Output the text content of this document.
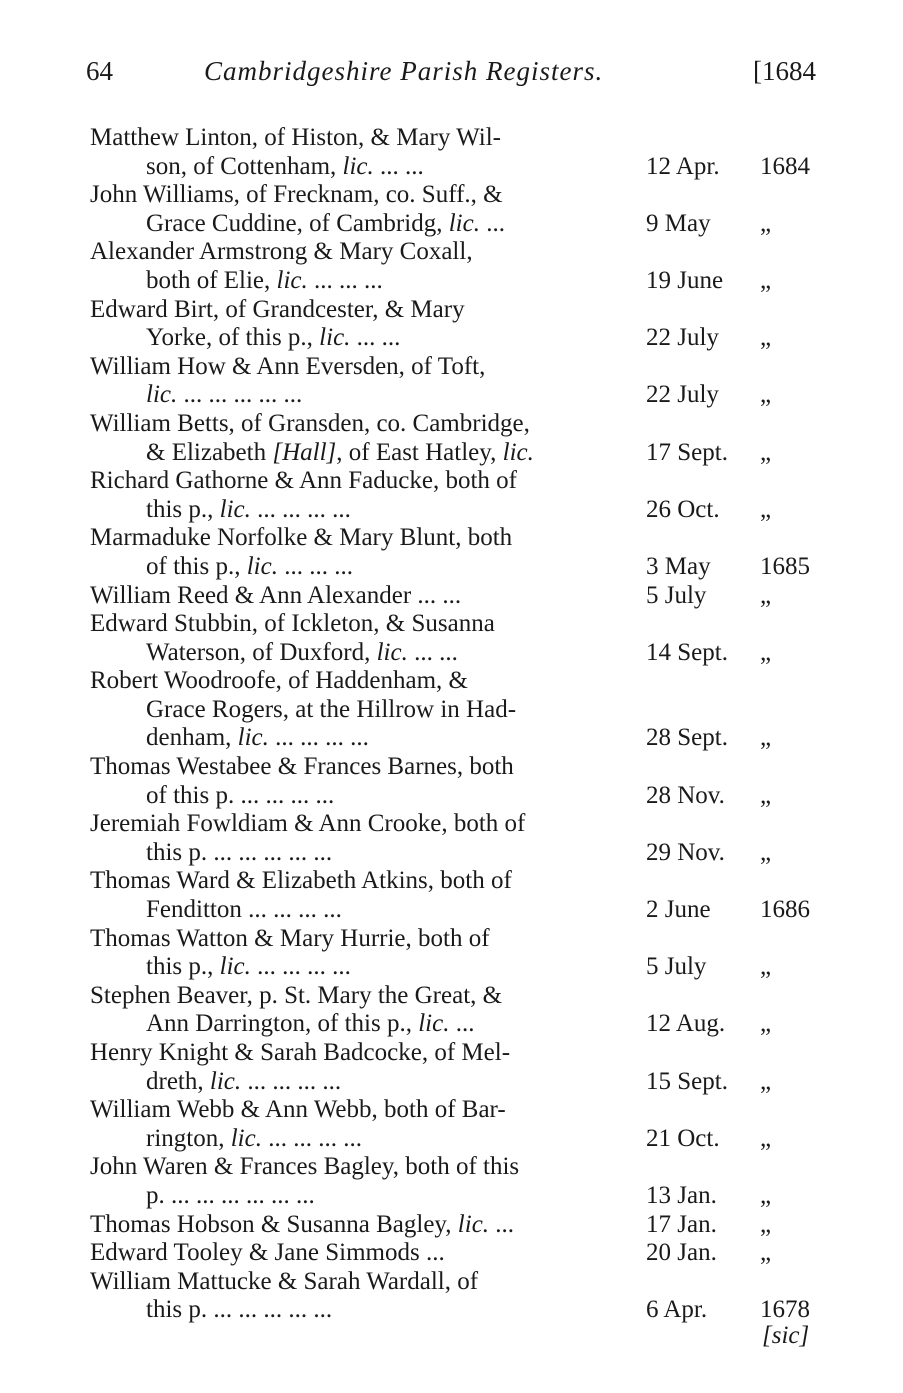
64	Cambridgeshire Parish Registers.	[1684
Matthew Linton, of Histon, & Mary Wil-
son, of Cottenham, lic. ... ...	12 Apr. 1684
John Williams, of Frecknam, co. Suff., &
Grace Cuddine, of Cambridg, lic. ...	9 May „
Alexander Armstrong & Mary Coxall,
both of Elie, lic. ... ... ...	19 June „
Edward Birt, of Grandcester, & Mary
Yorke, of this p., lic. ... ...	22 July „
William How & Ann Eversden, of Toft,
lic. ... ... ... ... ...	22 July „
William Betts, of Gransden, co. Cambridge,
& Elizabeth [Hall], of East Hatley, lic.	17 Sept. „
Richard Gathorne & Ann Faducke, both of
this p., lic. ... ... ... ...	26 Oct. „
Marmaduke Norfolke & Mary Blunt, both
of this p., lic. ... ... ...	3 May 1685
William Reed & Ann Alexander ... ...	5 July „
Edward Stubbin, of Ickleton, & Susanna
Waterson, of Duxford, lic. ... ...	14 Sept. „
Robert Woodroofe, of Haddenham, &
Grace Rogers, at the Hillrow in Had-
denham, lic. ... ... ... ...	28 Sept. „
Thomas Westabee & Frances Barnes, both
of this p. ... ... ... ...	28 Nov. „
Jeremiah Fowldiam & Ann Crooke, both of
this p. ... ... ... ... ...	29 Nov. „
Thomas Ward & Elizabeth Atkins, both of
Fenditton ... ... ... ...	2 June 1686
Thomas Watton & Mary Hurrie, both of
this p., lic. ... ... ... ...	5 July „
Stephen Beaver, p. St. Mary the Great, &
Ann Darrington, of this p., lic. ...	12 Aug. „
Henry Knight & Sarah Badcocke, of Mel-
dreth, lic. ... ... ... ...	15 Sept. „
William Webb & Ann Webb, both of Bar-
rington, lic. ... ... ... ...	21 Oct. „
John Waren & Frances Bagley, both of this
p. ... ... ... ... ... ...	13 Jan. „
Thomas Hobson & Susanna Bagley, lic. ...	17 Jan. „
Edward Tooley & Jane Simmods ...	20 Jan. „
William Mattucke & Sarah Wardall, of
this p. ... ... ... ... ...	6 Apr. 1678
[sic]
